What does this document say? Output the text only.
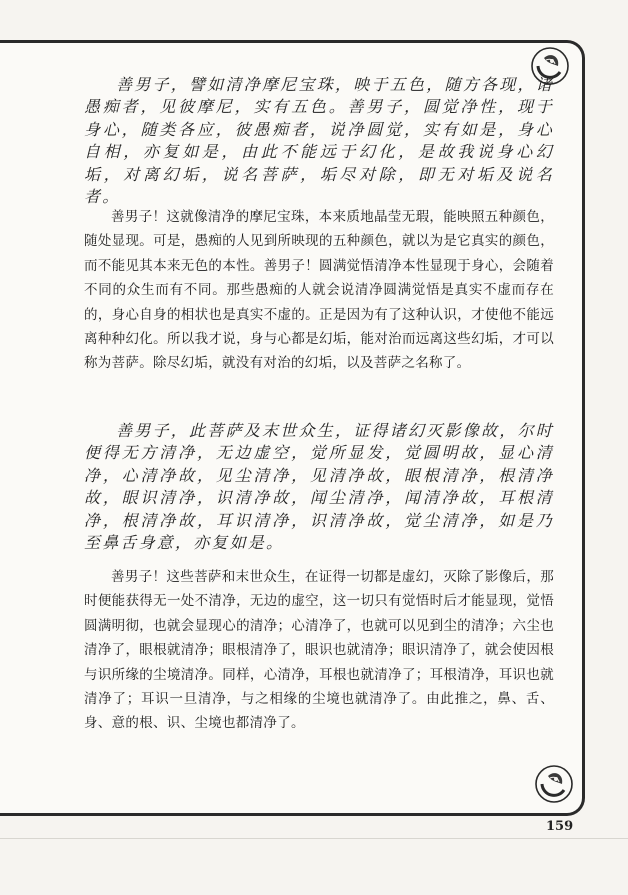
善男子，譬如清净摩尼宝珠，映于五色，随方各现，诸愚痴者，见彼摩尼，实有五色。善男子，圆觉净性，现于身心，随类各应，彼愚痴者，说净圆觉，实有如是，身心自相，亦复如是，由此不能远于幻化，是故我说身心幻垢，对离幻垢，说名菩萨，垢尽对除，即无对垢及说名者。

善男子！这就像清净的摩尼宝珠，本来质地晶莹无瑕，能映照五种颜色，随处显现。可是，愚痴的人见到所映现的五种颜色，就以为是它真实的颜色，而不能见其本来无色的本性。善男子！圆满觉悟清净本性显现于身心，会随着不同的众生而有不同。那些愚痴的人就会说清净圆满觉悟是真实不虚而存在的，身心自身的相状也是真实不虚的。正是因为有了这种认识，才使他不能远离种种幻化。所以我才说，身与心都是幻垢，能对治而远离这些幻垢，才可以称为菩萨。除尽幻垢，就没有对治的幻垢，以及菩萨之名称了。

善男子，此菩萨及末世众生，证得诸幻灭影像故，尔时便得无方清净，无边虚空，觉所显发，觉圆明故，显心清净，心清净故，见尘清净，见清净故，眼根清净，根清净故，眼识清净，识清净故，闻尘清净，闻清净故，耳根清净，根清净故，耳识清净，识清净故，觉尘清净，如是乃至鼻舌身意，亦复如是。

善男子！这些菩萨和末世众生，在证得一切都是虚幻，灭除了影像后，那时便能获得无一处不清净，无边的虚空，这一切只有觉悟时后才能显现，觉悟圆满明彻，也就会显现心的清净；心清净了，也就可以见到尘的清净；六尘也清净了，眼根就清净；眼根清净了，眼识也就清净；眼识清净了，就会使因根与识所缘的尘境清净。同样，心清净，耳根也就清净了；耳根清净，耳识也就清净了；耳识一旦清净，与之相缘的尘境也就清净了。由此推之，鼻、舌、身、意的根、识、尘境也都清净了。

159
